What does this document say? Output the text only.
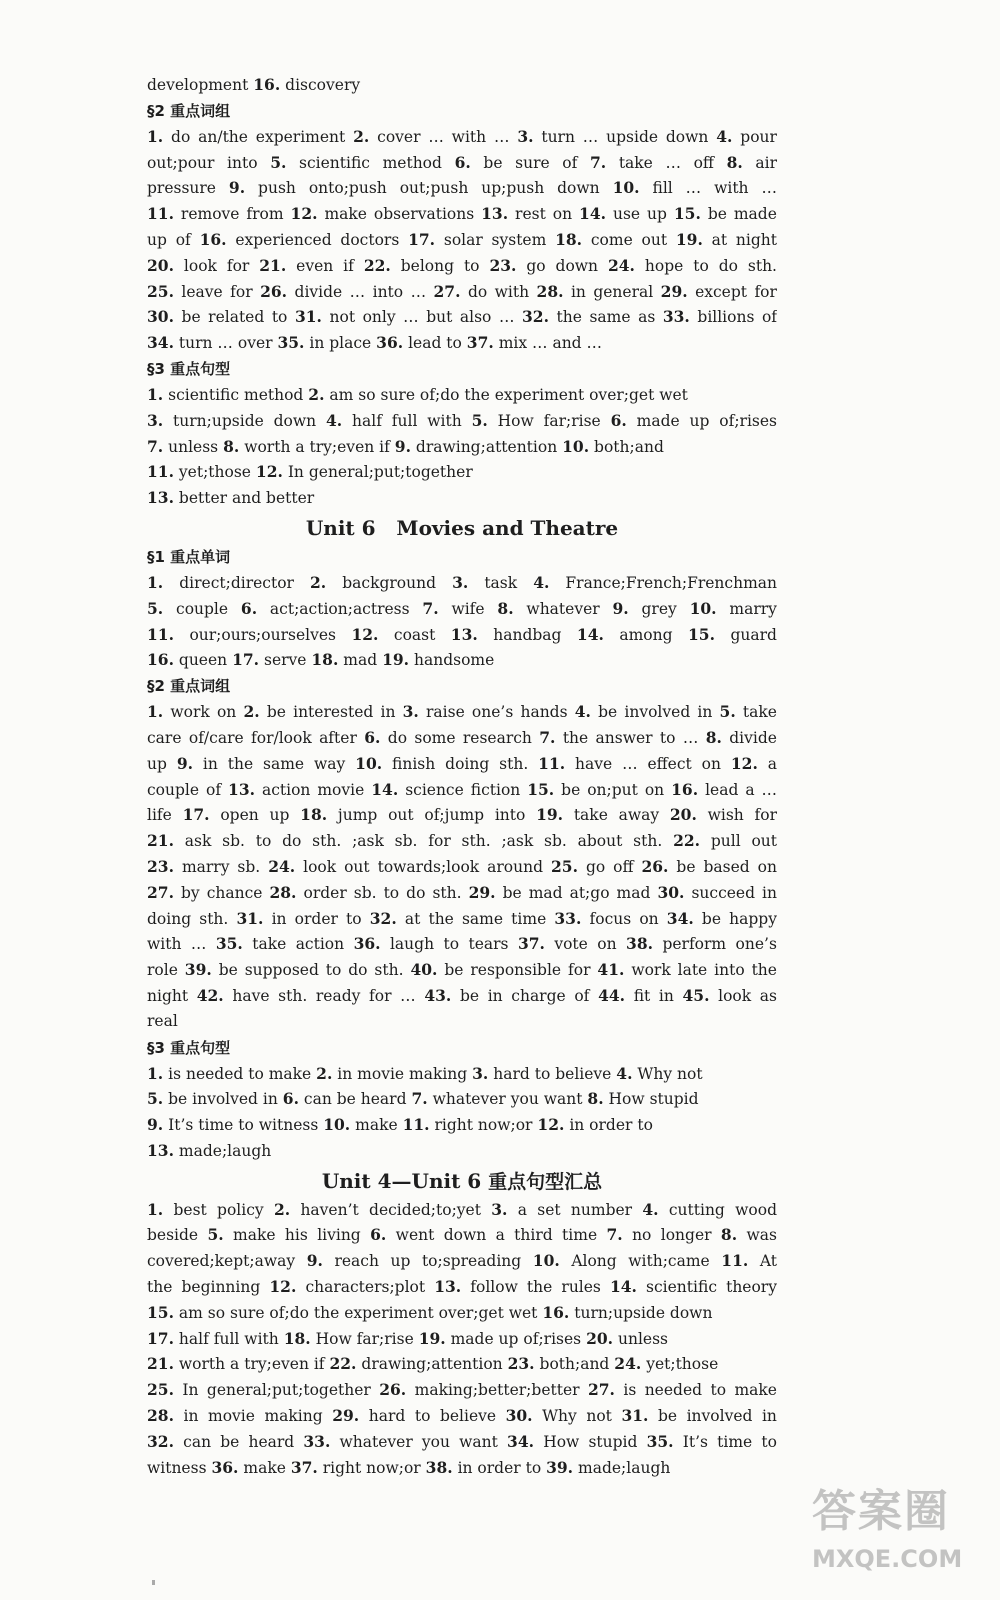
development 16. discovery
§2 重点词组
1. do an/the experiment 2. cover … with … 3. turn … upside down 4. pour
out;pour into 5. scientific method 6. be sure of 7. take … off 8. air
pressure 9. push onto;push out;push up;push down 10. fill … with …
11. remove from 12. make observations 13. rest on 14. use up 15. be made
up of 16. experienced doctors 17. solar system 18. come out 19. at night
20. look for 21. even if 22. belong to 23. go down 24. hope to do sth.
25. leave for 26. divide … into … 27. do with 28. in general 29. except for
30. be related to 31. not only … but also … 32. the same as 33. billions of
34. turn … over 35. in place 36. lead to 37. mix … and …
§3 重点句型
1. scientific method 2. am so sure of;do the experiment over;get wet
3. turn;upside down 4. half full with 5. How far;rise 6. made up of;rises
7. unless 8. worth a try;even if 9. drawing;attention 10. both;and
11. yet;those 12. In general;put;together
13. better and better
Unit 6   Movies and Theatre
§1 重点单词
1. direct;director 2. background 3. task 4. France;French;Frenchman
5. couple 6. act;action;actress 7. wife 8. whatever 9. grey 10. marry
11. our;ours;ourselves 12. coast 13. handbag 14. among 15. guard
16. queen 17. serve 18. mad 19. handsome
§2 重点词组
1. work on 2. be interested in 3. raise one’s hands 4. be involved in 5. take
care of/care for/look after 6. do some research 7. the answer to … 8. divide
up 9. in the same way 10. finish doing sth. 11. have … effect on 12. a
couple of 13. action movie 14. science fiction 15. be on;put on 16. lead a …
life 17. open up 18. jump out of;jump into 19. take away 20. wish for
21. ask sb. to do sth. ;ask sb. for sth. ;ask sb. about sth. 22. pull out
23. marry sb. 24. look out towards;look around 25. go off 26. be based on
27. by chance 28. order sb. to do sth. 29. be mad at;go mad 30. succeed in
doing sth. 31. in order to 32. at the same time 33. focus on 34. be happy
with … 35. take action 36. laugh to tears 37. vote on 38. perform one’s
role 39. be supposed to do sth. 40. be responsible for 41. work late into the
night 42. have sth. ready for … 43. be in charge of 44. fit in 45. look as
real
§3 重点句型
1. is needed to make 2. in movie making 3. hard to believe 4. Why not
5. be involved in 6. can be heard 7. whatever you want 8. How stupid
9. It’s time to witness 10. make 11. right now;or 12. in order to
13. made;laugh
Unit 4—Unit 6 重点句型汇总
1. best policy 2. haven’t decided;to;yet 3. a set number 4. cutting wood
beside 5. make his living 6. went down a third time 7. no longer 8. was
covered;kept;away 9. reach up to;spreading 10. Along with;came 11. At
the beginning 12. characters;plot 13. follow the rules 14. scientific theory
15. am so sure of;do the experiment over;get wet 16. turn;upside down
17. half full with 18. How far;rise 19. made up of;rises 20. unless
21. worth a try;even if 22. drawing;attention 23. both;and 24. yet;those
25. In general;put;together 26. making;better;better 27. is needed to make
28. in movie making 29. hard to believe 30. Why not 31. be involved in
32. can be heard 33. whatever you want 34. How stupid 35. It’s time to
witness 36. make 37. right now;or 38. in order to 39. made;laugh
答案圈
MXQE.COM
